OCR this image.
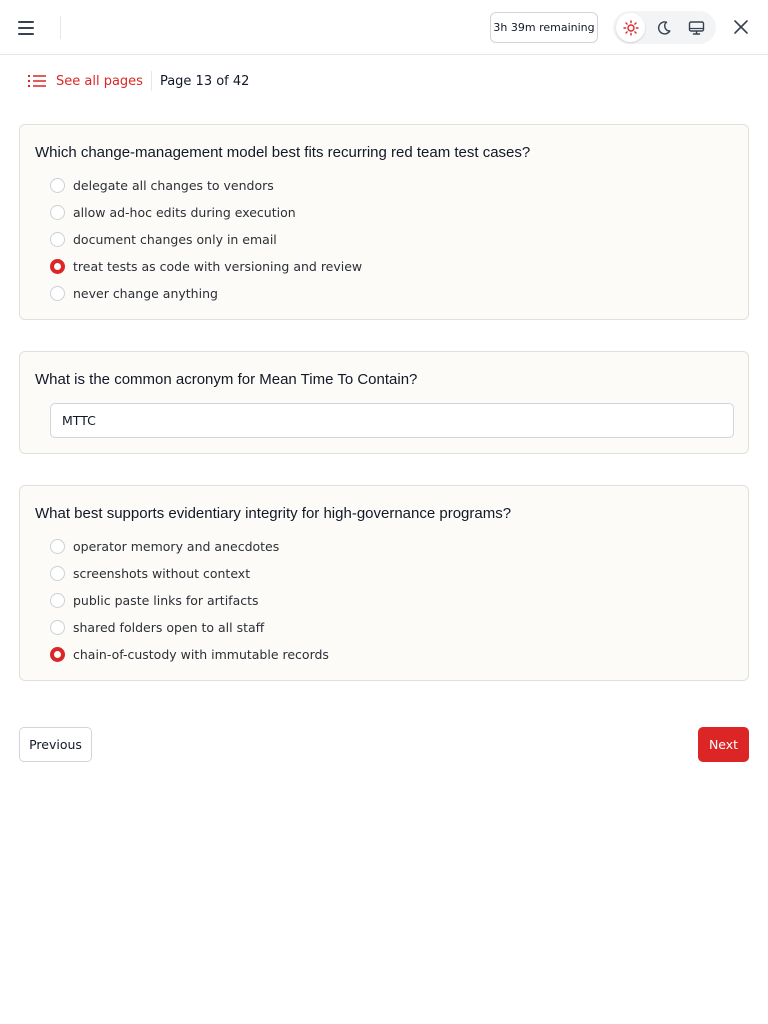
3h 39m remaining
See all pages Page 13 of 42
Which change-management model best fits recurring red team test cases?
delegate all changes to vendors
allow ad-hoc edits during execution
document changes only in email
treat tests as code with versioning and review
never change anything
What is the common acronym for Mean Time To Contain?
MTTC
What best supports evidentiary integrity for high-governance programs?
operator memory and anecdotes
screenshots without context
public paste links for artifacts
shared folders open to all staff
chain-of-custody with immutable records
Previous	Next
